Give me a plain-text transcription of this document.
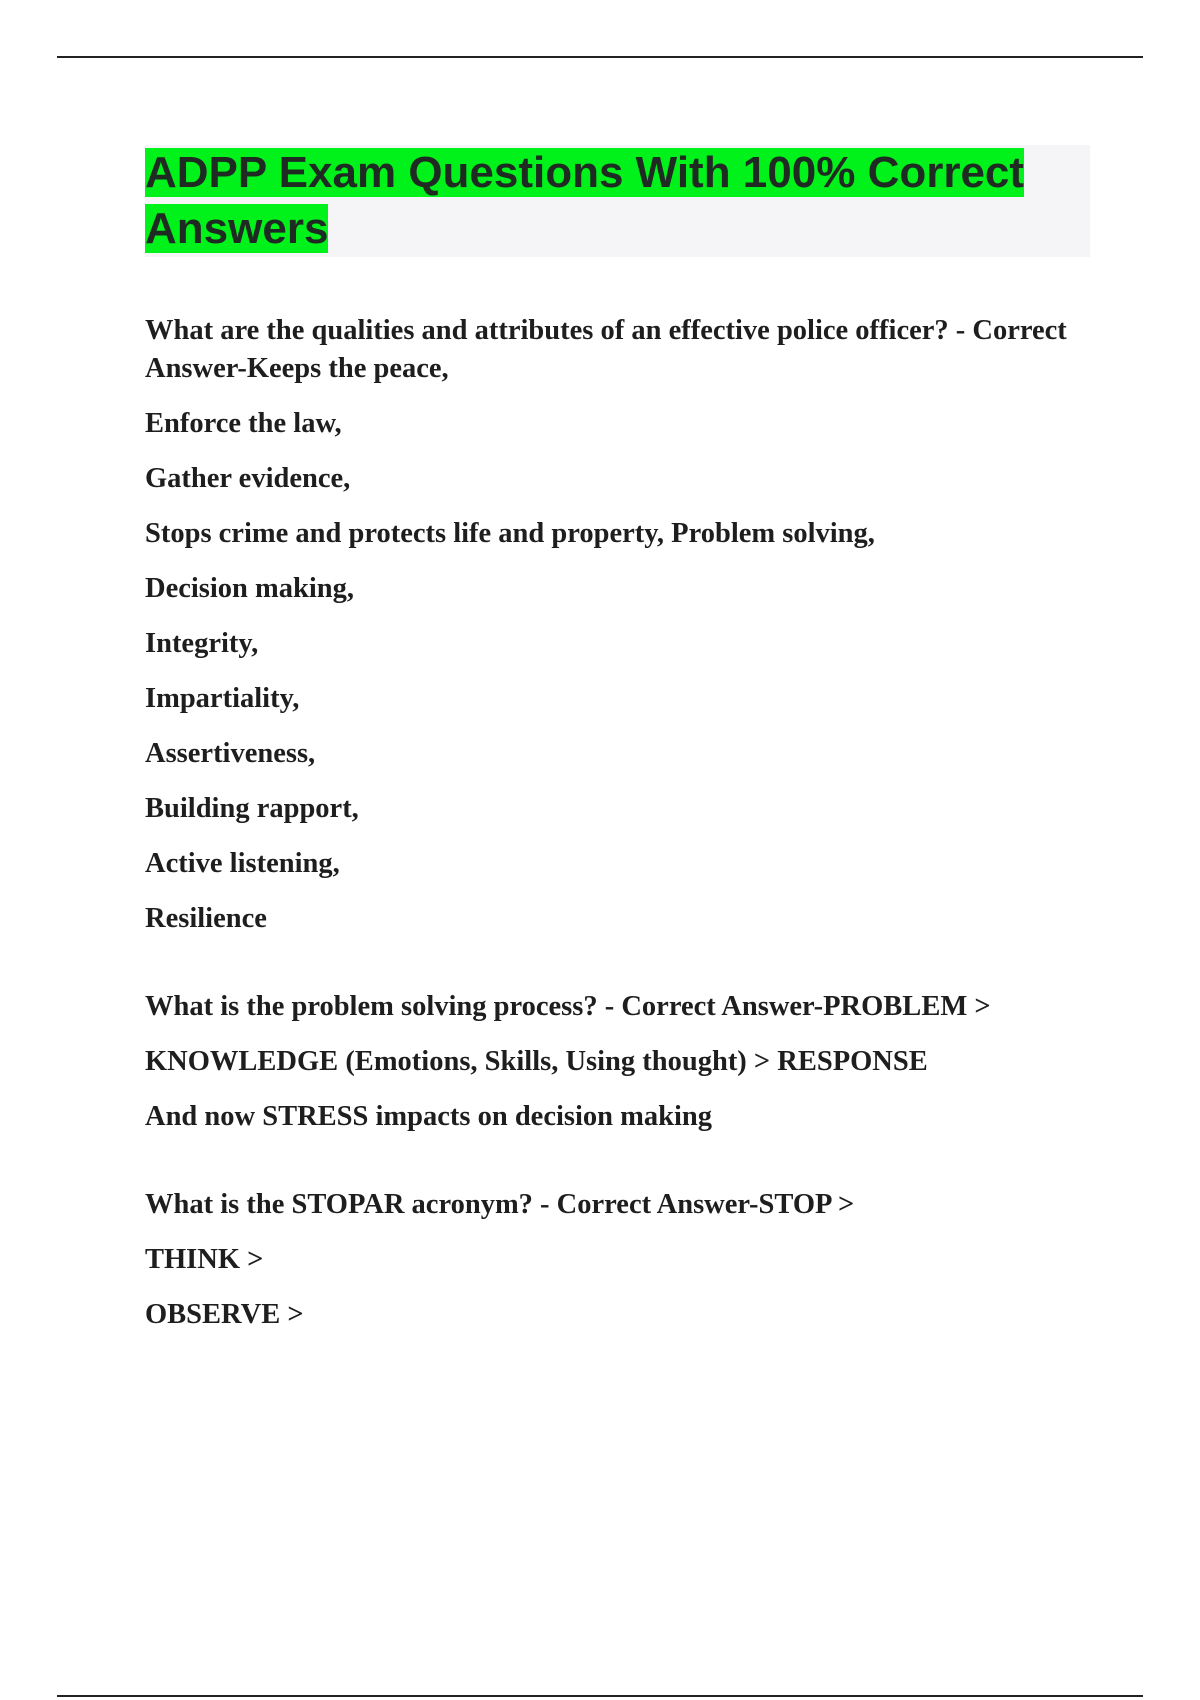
ADPP Exam Questions With 100% Correct Answers

What are the qualities and attributes of an effective police officer? - Correct Answer-Keeps the peace,

Enforce the law,

Gather evidence,

Stops crime and protects life and property, Problem solving,

Decision making,

Integrity,

Impartiality,

Assertiveness,

Building rapport,

Active listening,

Resilience

What is the problem solving process? - Correct Answer-PROBLEM >

KNOWLEDGE (Emotions, Skills, Using thought) > RESPONSE

And now STRESS impacts on decision making

What is the STOPAR acronym? - Correct Answer-STOP >

THINK >

OBSERVE >
